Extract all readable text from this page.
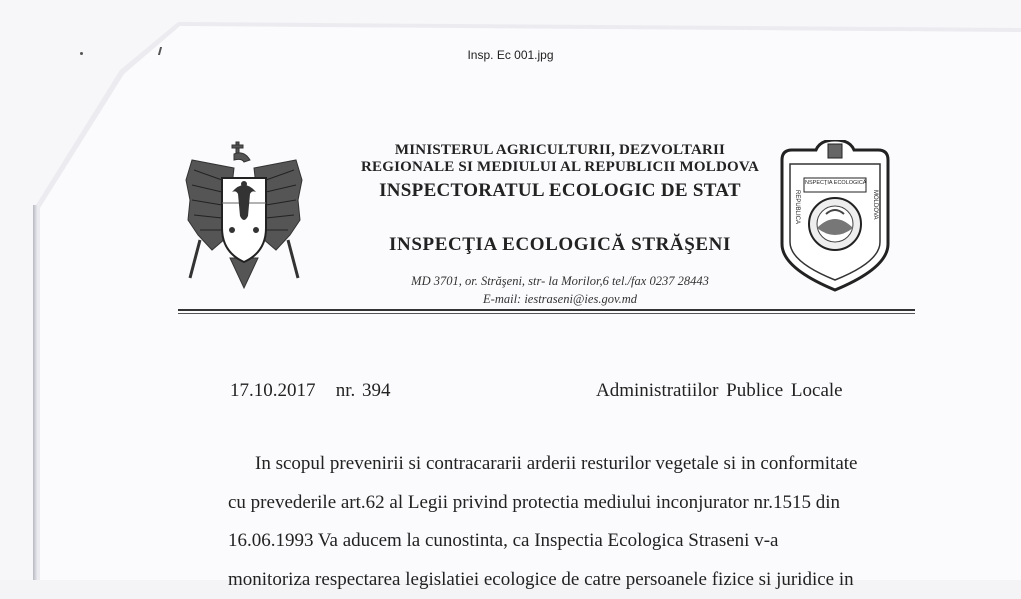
Insp. Ec 001.jpg
MINISTERUL AGRICULTURII, DEZVOLTARII
REGIONALE SI MEDIULUI AL REPUBLICII MOLDOVA
INSPECTORATUL ECOLOGIC DE STAT
INSPECŢIA ECOLOGICĂ STRĂŞENI
MD 3701, or. Străşeni, str- la Morilor,6 tel./fax 0237 28443
E-mail: iestraseni@ies.gov.md
INSPECŢIA ECOLOGICĂ
REPUBLICA	MOLDOVA
17.10.2017 nr. 394	Administratiilor Publice Locale
In scopul prevenirii si contracararii arderii resturilor vegetale si in conformitate
cu prevederile art.62 al Legii privind protectia mediului inconjurator nr.1515 din
16.06.1993 Va aducem la cunostinta, ca Inspectia Ecologica Straseni v-a
monitoriza respectarea legislatiei ecologice de catre persoanele fizice si juridice in
